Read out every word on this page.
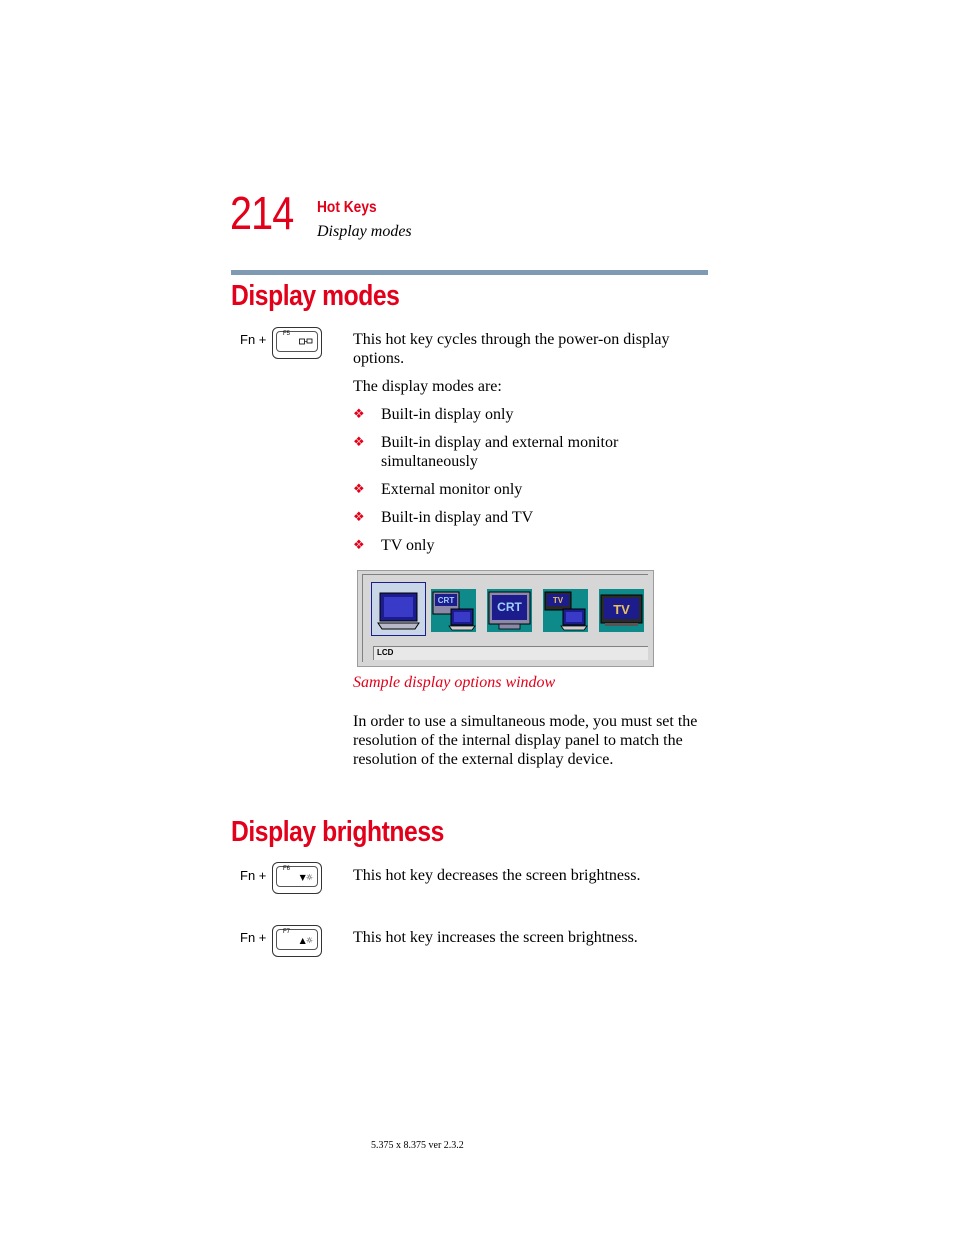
214 Hot Keys
Display modes
Display modes
Fn +	F5	This hot key cycles through the power-on display options.
The display modes are:
❖ Built-in display only
❖ Built-in display and external monitor simultaneously
❖ External monitor only
❖ Built-in display and TV
❖ TV only
CRT	CRT	TV
TV
LCD
Sample display options window
In order to use a simultaneous mode, you must set the resolution of the internal display panel to match the resolution of the external display device.
Display brightness
Fn +	F6
▼☼	This hot key decreases the screen brightness.
Fn +	F7
▲☼	This hot key increases the screen brightness.
5.375 x 8.375 ver 2.3.2
